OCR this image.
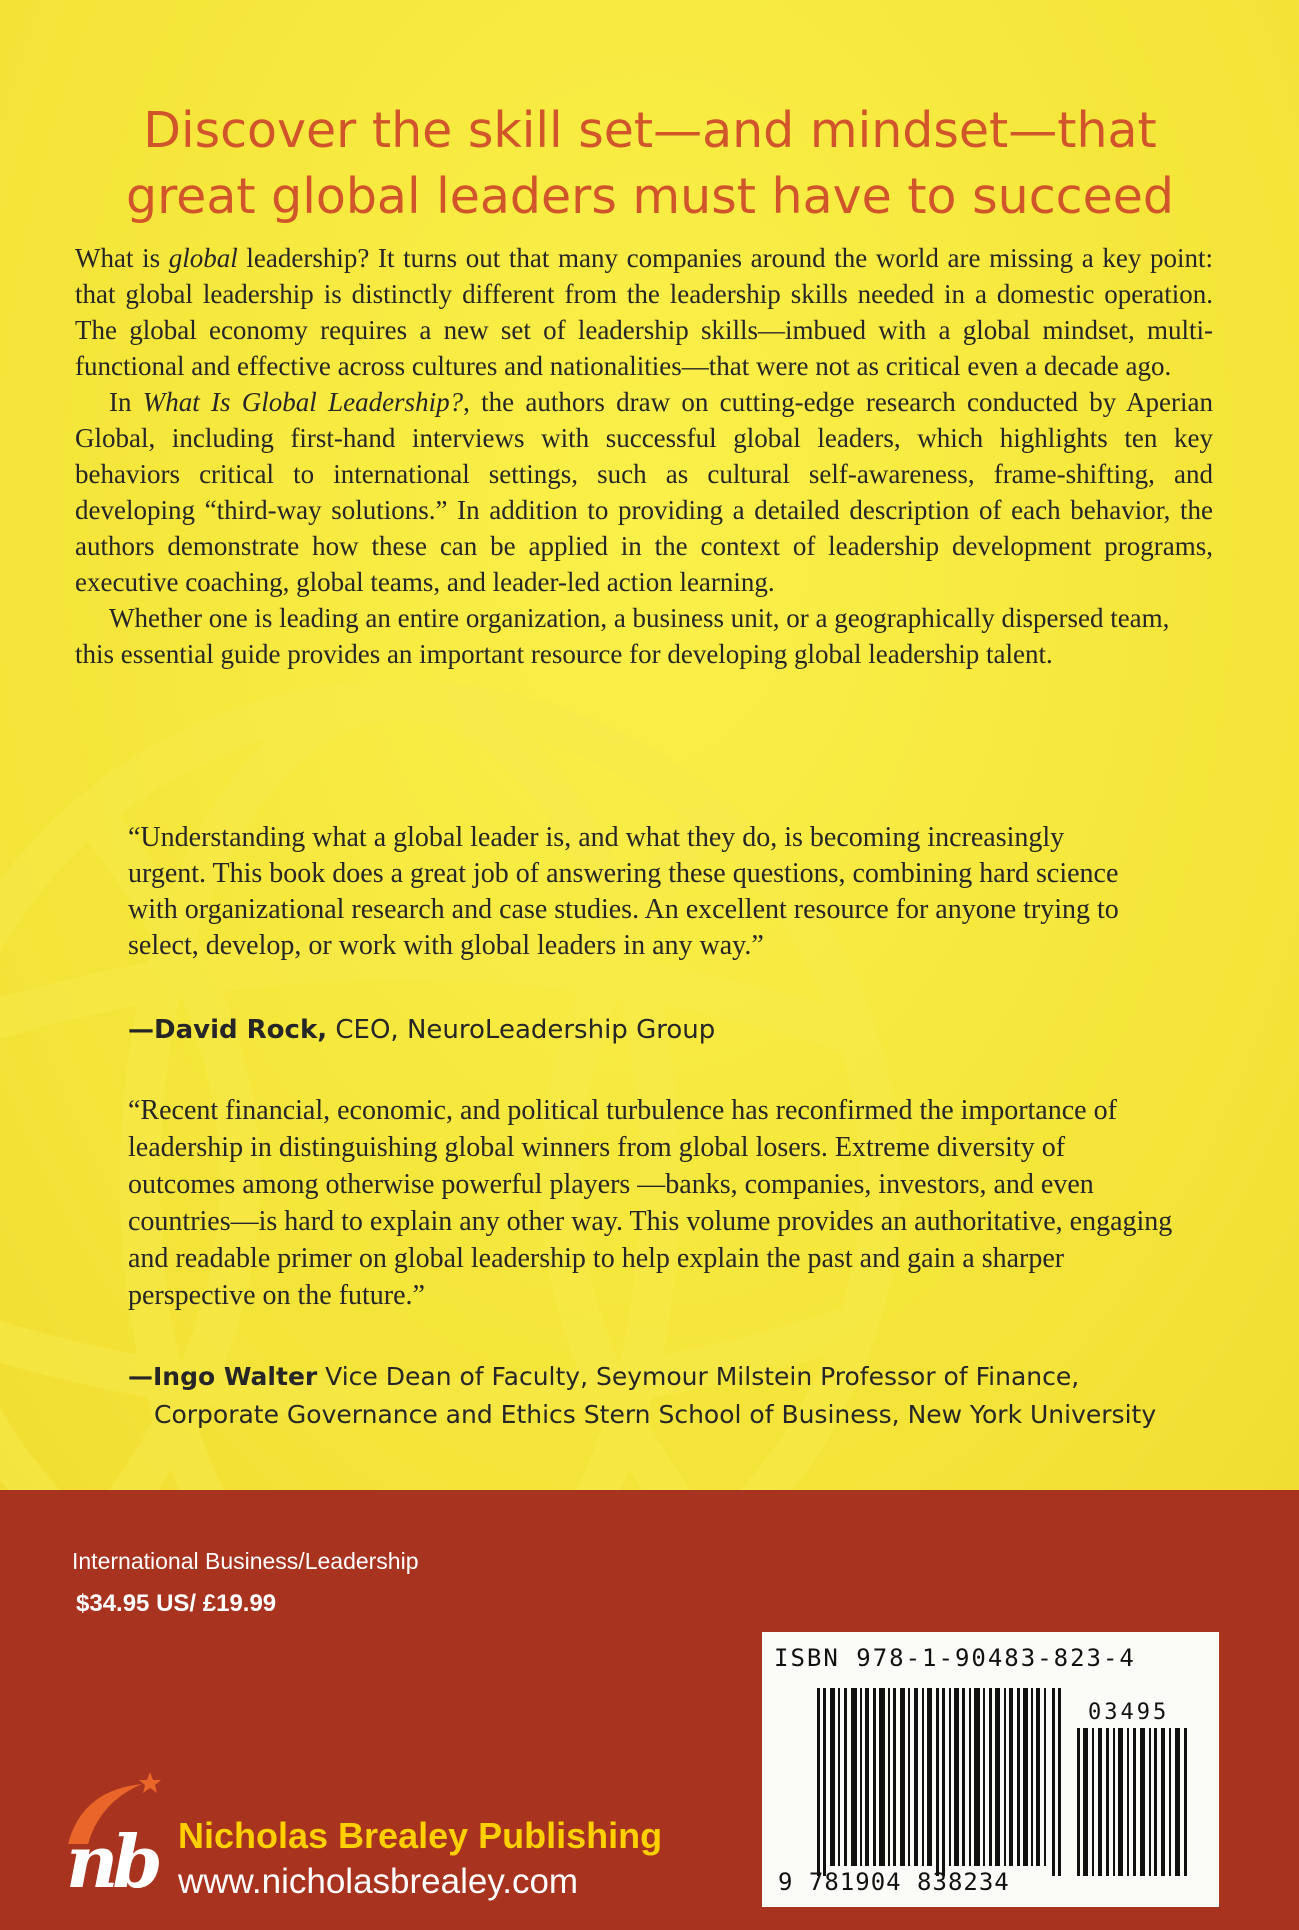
Discover the skill set—and mindset—that
great global leaders must have to succeed

What is global leadership? It turns out that many companies around the world are missing a key point: that global leadership is distinctly different from the leadership skills needed in a domestic operation. The global economy requires a new set of leadership skills—imbued with a global mindset, multi-functional and effective across cultures and nationalities—that were not as critical even a decade ago.

In What Is Global Leadership?, the authors draw on cutting-edge research conducted by Aperian Global, including first-hand interviews with successful global leaders, which highlights ten key behaviors critical to international settings, such as cultural self-awareness, frame-shifting, and developing “third-way solutions.” In addition to providing a detailed description of each behavior, the authors demonstrate how these can be applied in the context of leadership development programs, executive coaching, global teams, and leader-led action learning.

Whether one is leading an entire organization, a business unit, or a geographically dispersed team, this essential guide provides an important resource for developing global leadership talent.

“Understanding what a global leader is, and what they do, is becoming increasingly urgent. This book does a great job of answering these questions, combining hard science with organizational research and case studies. An excellent resource for anyone trying to select, develop, or work with global leaders in any way.”
—David Rock, CEO, NeuroLeadership Group
“Recent financial, economic, and political turbulence has reconfirmed the importance of leadership in distinguishing global winners from global losers. Extreme diversity of outcomes among otherwise powerful players —banks, companies, investors, and even countries—is hard to explain any other way. This volume provides an authoritative, engaging and readable primer on global leadership to help explain the past and gain a sharper perspective on the future.”
—Ingo Walter Vice Dean of Faculty, Seymour Milstein Professor of Finance,
Corporate Governance and Ethics Stern School of Business, New York University
International Business/Leadership
$34.95 US/ £19.99
nb Nicholas Brealey Publishing
www.nicholasbrealey.com
ISBN 978-1-90483-823-4
03495
9 781904 838234
